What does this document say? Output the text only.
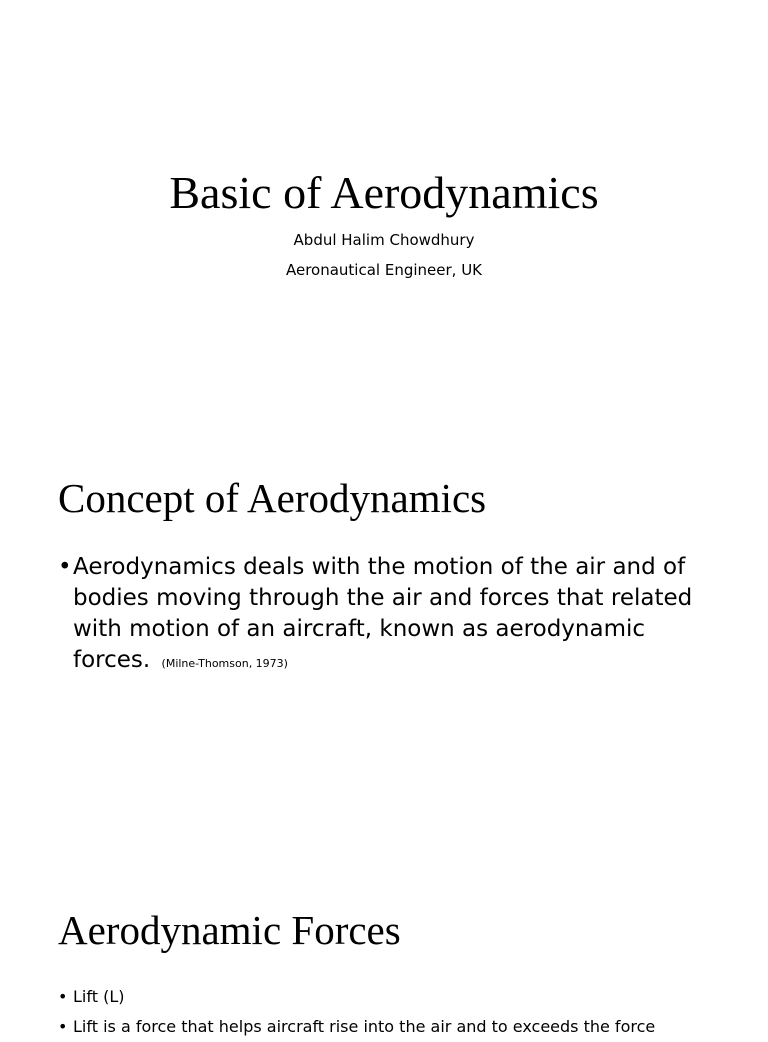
Basic of Aerodynamics
Abdul Halim Chowdhury
Aeronautical Engineer, UK
Concept of Aerodynamics
• Aerodynamics deals with the motion of the air and of bodies moving through the air and forces that related with motion of an aircraft, known as aerodynamic forces. (Milne-Thomson, 1973)
Aerodynamic Forces
• Lift (L)
• Lift is a force that helps aircraft rise into the air and to exceeds the force
